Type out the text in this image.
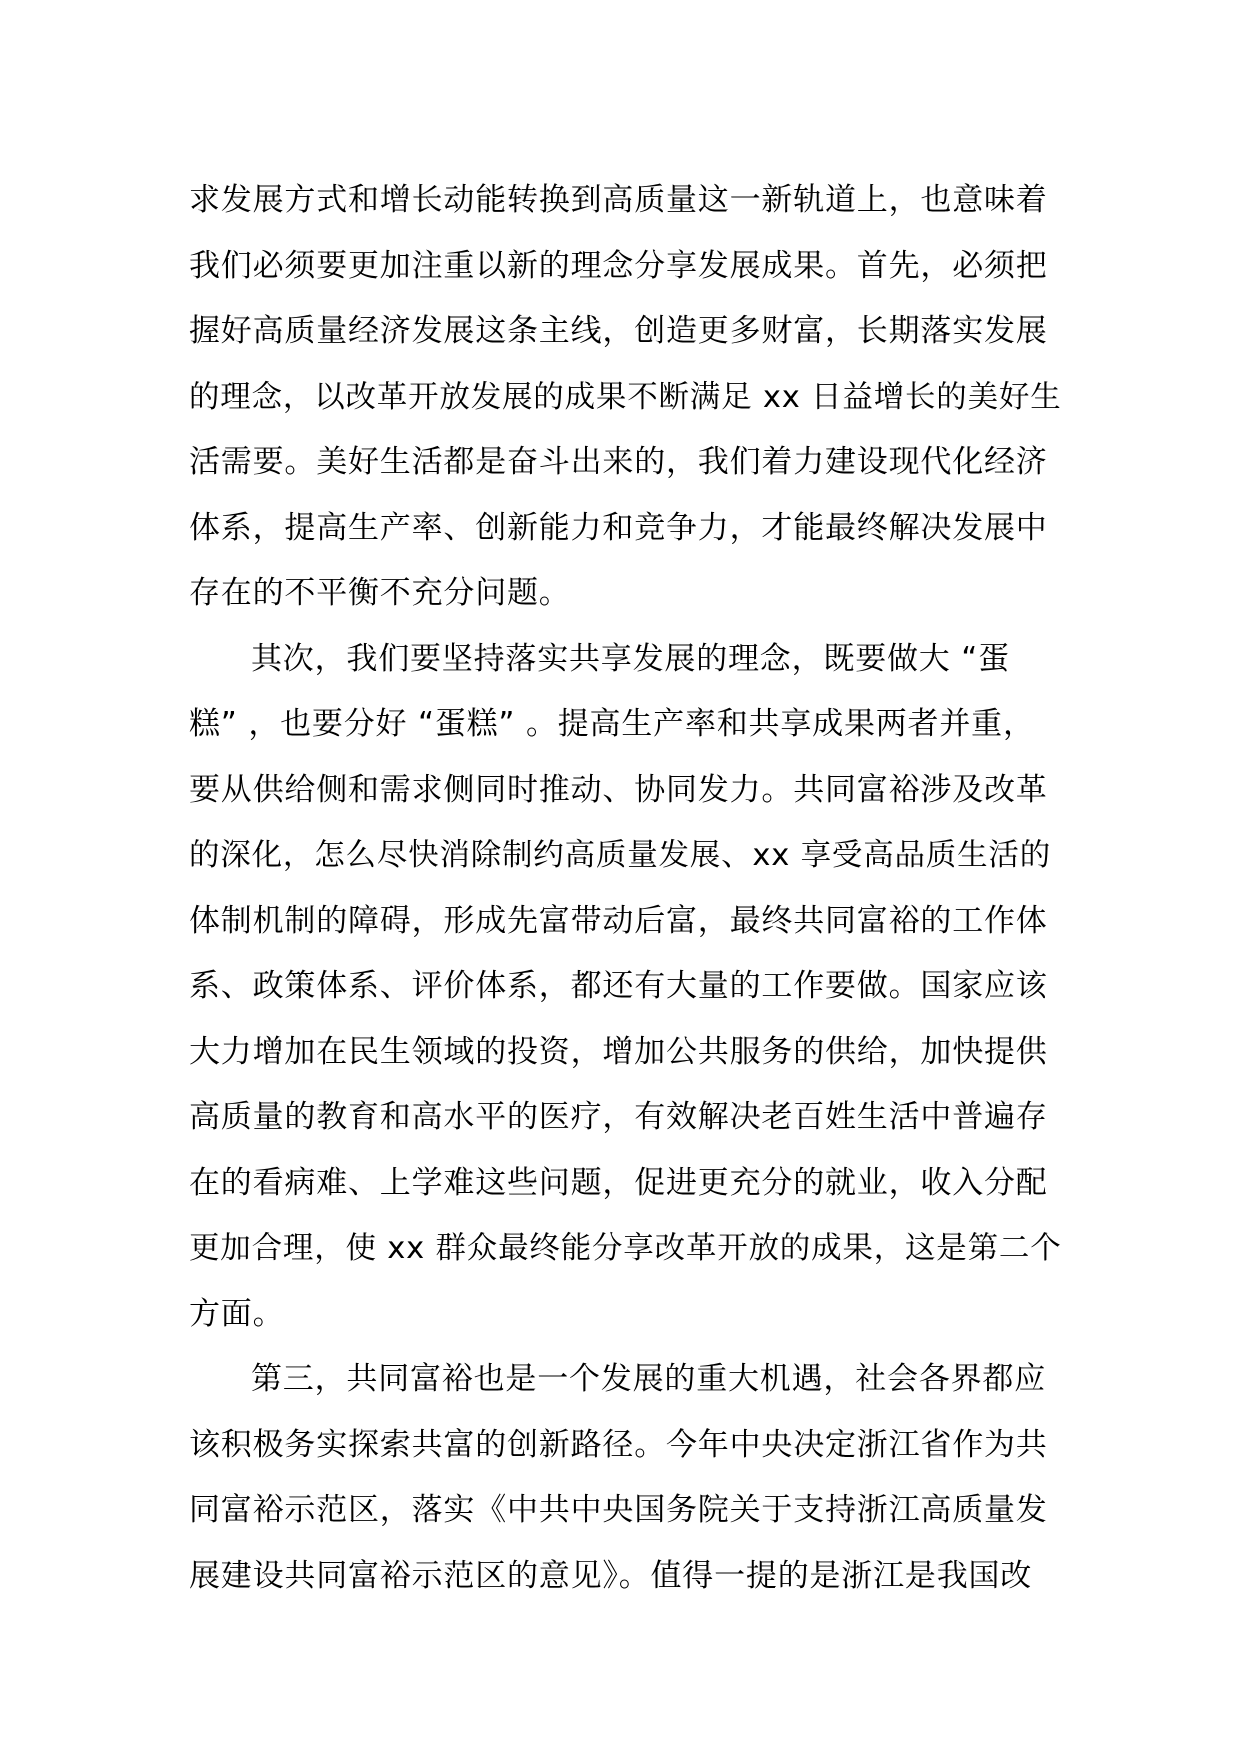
求发展方式和增长动能转换到高质量这一新轨道上，也意味着
我们必须要更加注重以新的理念分享发展成果。首先，必须把
握好高质量经济发展这条主线，创造更多财富，长期落实发展
的理念，以改革开放发展的成果不断满足 xx 日益增长的美好生
活需要。美好生活都是奋斗出来的，我们着力建设现代化经济
体系，提高生产率、创新能力和竞争力，才能最终解决发展中
存在的不平衡不充分问题。
其次，我们要坚持落实共享发展的理念，既要做大 “蛋
糕” ，也要分好 “蛋糕” 。提高生产率和共享成果两者并重，
要从供给侧和需求侧同时推动、协同发力。共同富裕涉及改革
的深化，怎么尽快消除制约高质量发展、xx 享受高品质生活的
体制机制的障碍，形成先富带动后富，最终共同富裕的工作体
系、政策体系、评价体系，都还有大量的工作要做。国家应该
大力增加在民生领域的投资，增加公共服务的供给，加快提供
高质量的教育和高水平的医疗，有效解决老百姓生活中普遍存
在的看病难、上学难这些问题，促进更充分的就业，收入分配
更加合理，使 xx 群众最终能分享改革开放的成果，这是第二个
方面。
第三，共同富裕也是一个发展的重大机遇，社会各界都应
该积极务实探索共富的创新路径。今年中央决定浙江省作为共
同富裕示范区，落实《中共中央国务院关于支持浙江高质量发
展建设共同富裕示范区的意见》。值得一提的是浙江是我国改
